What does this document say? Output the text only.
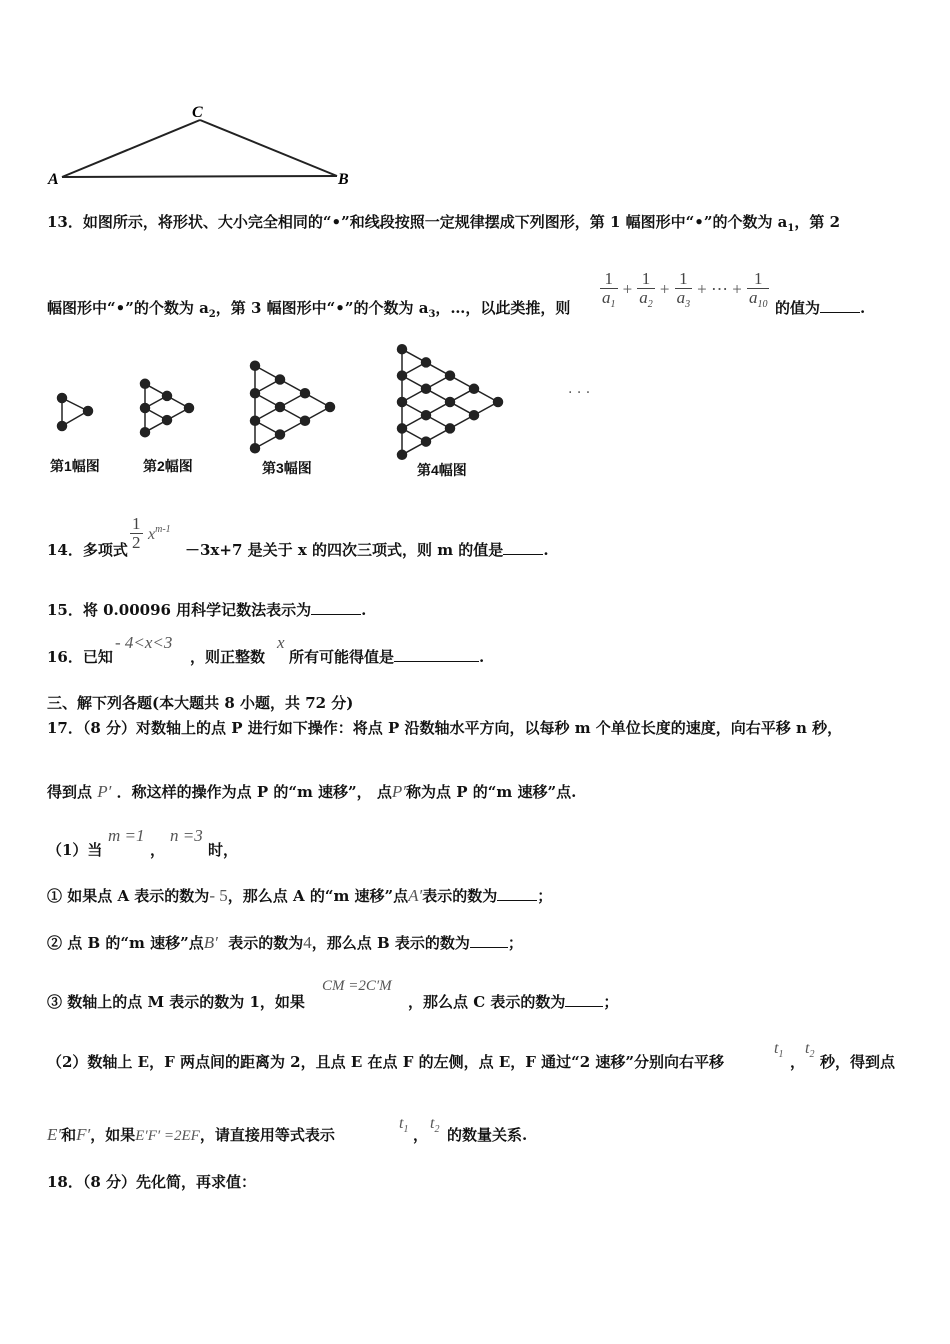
A	B
C
13．如图所示，将形状、大小完全相同的“•”和线段按照一定规律摆成下列图形，第 1 幅图形中“•”的个数为 $a_1$，第 2
幅图形中“•”的个数为 $a_2$，第 3 幅图形中“•”的个数为 $a_3$，…，以此类推，则 $\frac{1}{a_1} + \frac{1}{a_2} + \frac{1}{a_3}$ + ⋯ + $\frac{1}{a_{10}}$ 的值为	.
· · ·
第1幅图	第2幅图	第3幅图	第4幅图
14．多项式 $\frac{1}{2} x^{m-1}$
－3x+7 是关于 x 的四次三项式，则 m 的值是	.
15．将 0.00096 用科学记数法表示为	.
16．已知
- 4<x<3
，则正整数
x
所有可能得值是	.
三、解下列各题(本大题共 8 小题，共 72 分)
17．（8 分）对数轴上的点 P 进行如下操作：将点 P 沿数轴水平方向，以每秒 m 个单位长度的速度，向右平移 n 秒，
得到点 P′ ．称这样的操作为点 P 的“m 速移”， 点P′称为点 P 的“m 速移”点.
（1）当
m =1
，
n =3
时，
① 如果点 A 表示的数为- 5，那么点 A 的“m 速移”点A′表示的数为	；
② 点 B 的“m 速移”点B′ 表示的数为4，那么点 B 表示的数为	；
③ 数轴上的点 M 表示的数为 1，如果
CM =2C′M
，那么点 C 表示的数为	；
（2）数轴上 E，F 两点间的距离为 2，且点 E 在点 F 的左侧，点 E，F 通过“2 速移”分别向右平移
$t_1$ ，
$t_2$ 秒，得到点
E′和F′，如果E′F′ =2EF，请直接用等式表示
$t_1$ ，
$t_2$ 的数量关系.
18．（8 分）先化简，再求值：
